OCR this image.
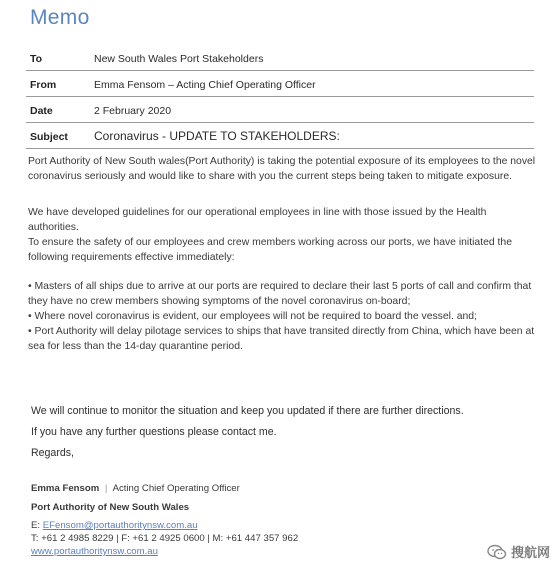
Memo
To	New South Wales Port Stakeholders
From	Emma Fensom – Acting Chief Operating Officer
Date	2 February 2020
Subject Coronavirus - UPDATE TO STAKEHOLDERS:
Port Authority of New South wales(Port Authority) is taking the potential exposure of its employees to the novel coronavirus seriously and would like to share with you the current steps being taken to mitigate exposure.
We have developed guidelines for our operational employees in line with those issued by the Health authorities.
To ensure the safety of our employees and crew members working across our ports, we have initiated the following requirements effective immediately:
• Masters of all ships due to arrive at our ports are required to declare their last 5 ports of call and confirm that they have no crew members showing symptoms of the novel coronavirus on-board;
• Where novel coronavirus is evident, our employees will not be required to board the vessel. and;
• Port Authority will delay pilotage services to ships that have transited directly from China, which have been at sea for less than the 14-day quarantine period.
We will continue to monitor the situation and keep you updated if there are further directions.
If you have any further questions please contact me.
Regards,
Emma Fensom | Acting Chief Operating Officer
Port Authority of New South Wales
E: EFensom@portauthoritynsw.com.au
T: +61 2 4985 8229 | F: +61 2 4925 0600 | M: +61 447 357 962
www.portauthoritynsw.com.au	搜航网
